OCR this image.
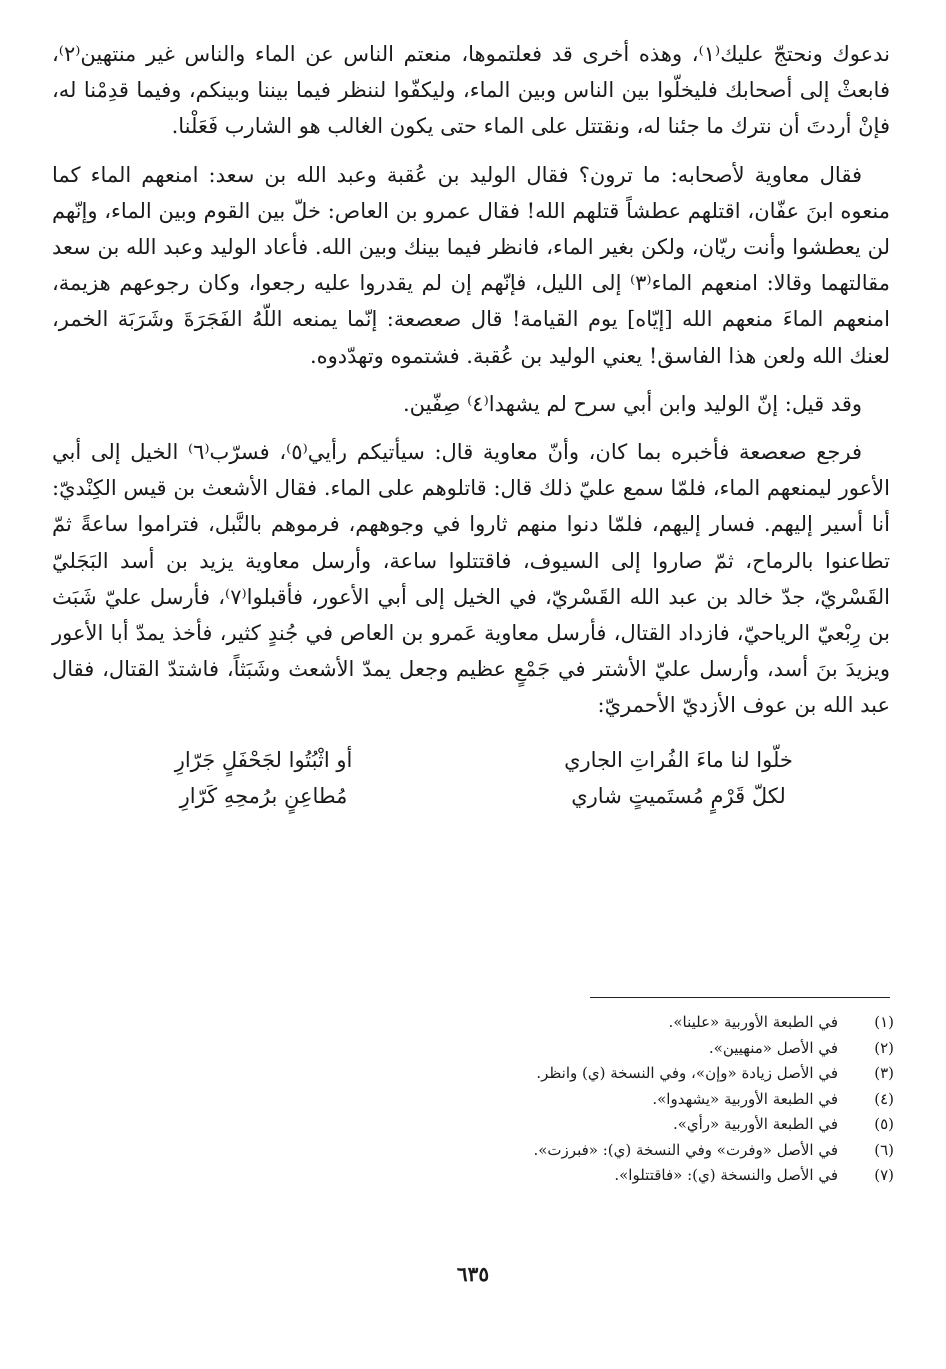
ندعوك ونحتجّ عليك⁽١⁾، وهذه أخرى قد فعلتموها، منعتم الناس عن الماء والناس غير منتهين⁽٢⁾، فابعثْ إلى أصحابك فليخلّوا بين الناس وبين الماء، وليكفّوا لننظر فيما بيننا وبينكم، وفيما قدِمْنا له، فإنْ أردتَ أن نترك ما جئنا له، ونقتتل على الماء حتى يكون الغالب هو الشارب فَعَلْنا.

فقال معاوية لأصحابه: ما ترون؟ فقال الوليد بن عُقبة وعبد الله بن سعد: امنعهم الماء كما منعوه ابنَ عفّان، اقتلهم عطشاً قتلهم الله! فقال عمرو بن العاص: خلّ بين القوم وبين الماء، وإنّهم لن يعطشوا وأنت ريّان، ولكن بغير الماء، فانظر فيما بينك وبين الله. فأعاد الوليد وعبد الله بن سعد مقالتهما وقالا: امنعهم الماء⁽٣⁾ إلى الليل، فإنّهم إن لم يقدروا عليه رجعوا، وكان رجوعهم هزيمة، امنعهم الماءَ منعهم الله [إيّاه] يوم القيامة! قال صعصعة: إنّما يمنعه اللّهُ الفَجَرَةَ وشَرَبَة الخمر، لعنك الله ولعن هذا الفاسق! يعني الوليد بن عُقبة. فشتموه وتهدّدوه.

وقد قيل: إنّ الوليد وابن أبي سرح لم يشهدا⁽٤⁾ صِفّين.

فرجع صعصعة فأخبره بما كان، وأنّ معاوية قال: سيأتيكم رأيي⁽٥⁾، فسرّب⁽٦⁾ الخيل إلى أبي الأعور ليمنعهم الماء، فلمّا سمع عليّ ذلك قال: قاتلوهم على الماء. فقال الأشعث بن قيس الكِنْديّ: أنا أسير إليهم. فسار إليهم، فلمّا دنوا منهم ثاروا في وجوههم، فرموهم بالنَّبل، فتراموا ساعةً ثمّ تطاعنوا بالرماح، ثمّ صاروا إلى السيوف، فاقتتلوا ساعة، وأرسل معاوية يزيد بن أسد البَجَليّ القَسْريّ، جدّ خالد بن عبد الله القَسْريّ، في الخيل إلى أبي الأعور، فأقبلوا⁽٧⁾، فأرسل عليّ شَبَث بن رِبْعيّ الرياحيّ، فازداد القتال، فأرسل معاوية عَمرو بن العاص في جُندٍ كثير، فأخذ يمدّ أبا الأعور ويزيدَ بنَ أسد، وأرسل عليّ الأشتر في جَمْعٍ عظيم وجعل يمدّ الأشعث وشَبَثاً، فاشتدّ القتال، فقال عبد الله بن عوف الأزديّ الأحمريّ:

خلّوا لنا ماءَ الفُراتِ الجاري
أو اثْبُتُوا لجَحْفَلٍ جَرّارِ
لكلّ قَرْمٍ مُستَميتٍ شاري
مُطاعِنٍ برُمحِهِ كَرّارِ
(١)
في الطبعة الأوربية «علينا».
(٢)
في الأصل «منهيين».
(٣)
في الأصل زيادة «وإن»، وفي النسخة (ي) وانظر.
(٤)
في الطبعة الأوربية «يشهدوا».
(٥)
في الطبعة الأوربية «رأي».
(٦)
في الأصل «وفرت» وفي النسخة (ي): «فبرزت».
(٧)
في الأصل والنسخة (ي): «فاقتتلوا».
٦٣٥
